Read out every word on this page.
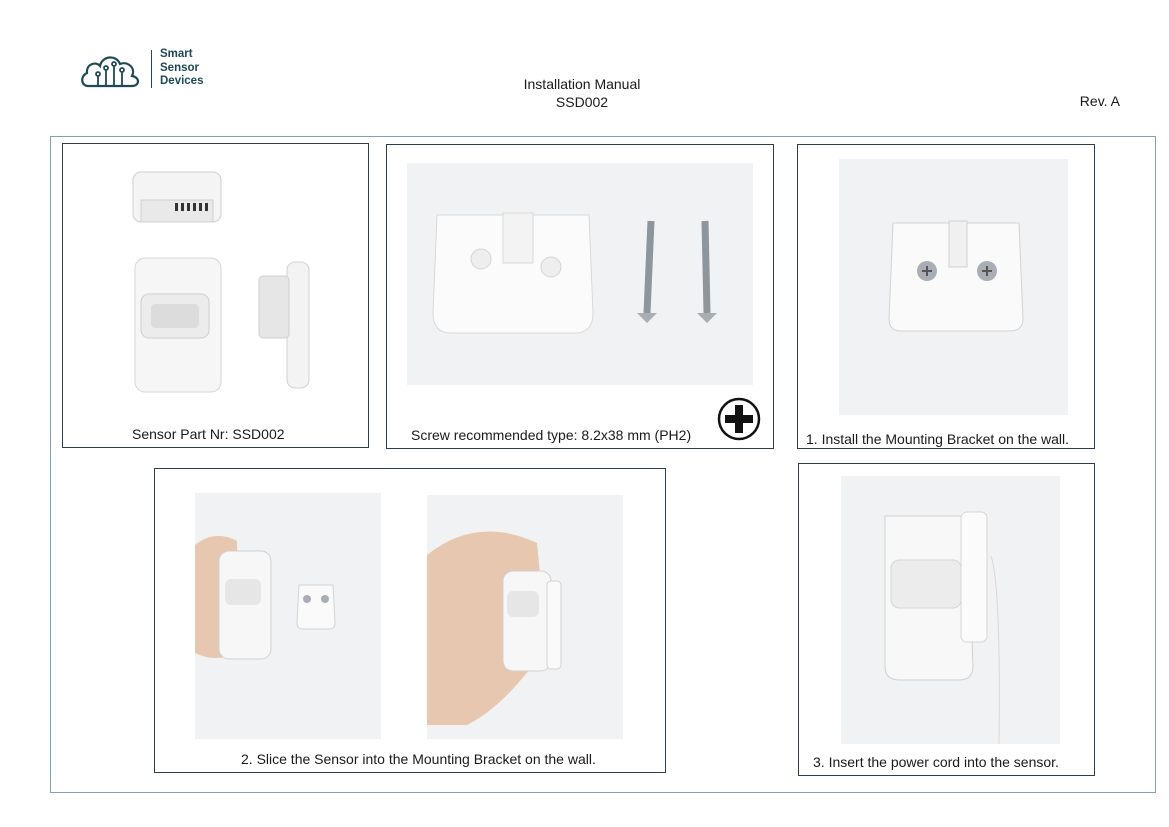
Smart
Sensor
Devices	Installation Manual
SSD002	Rev. A
Sensor Part Nr: SSD002	Screw recommended type: 8.2x38 mm (PH2)	1. Install the Mounting Bracket on the wall.
2. Slice the Sensor into the Mounting Bracket on the wall.	3. Insert the power cord into the sensor.
